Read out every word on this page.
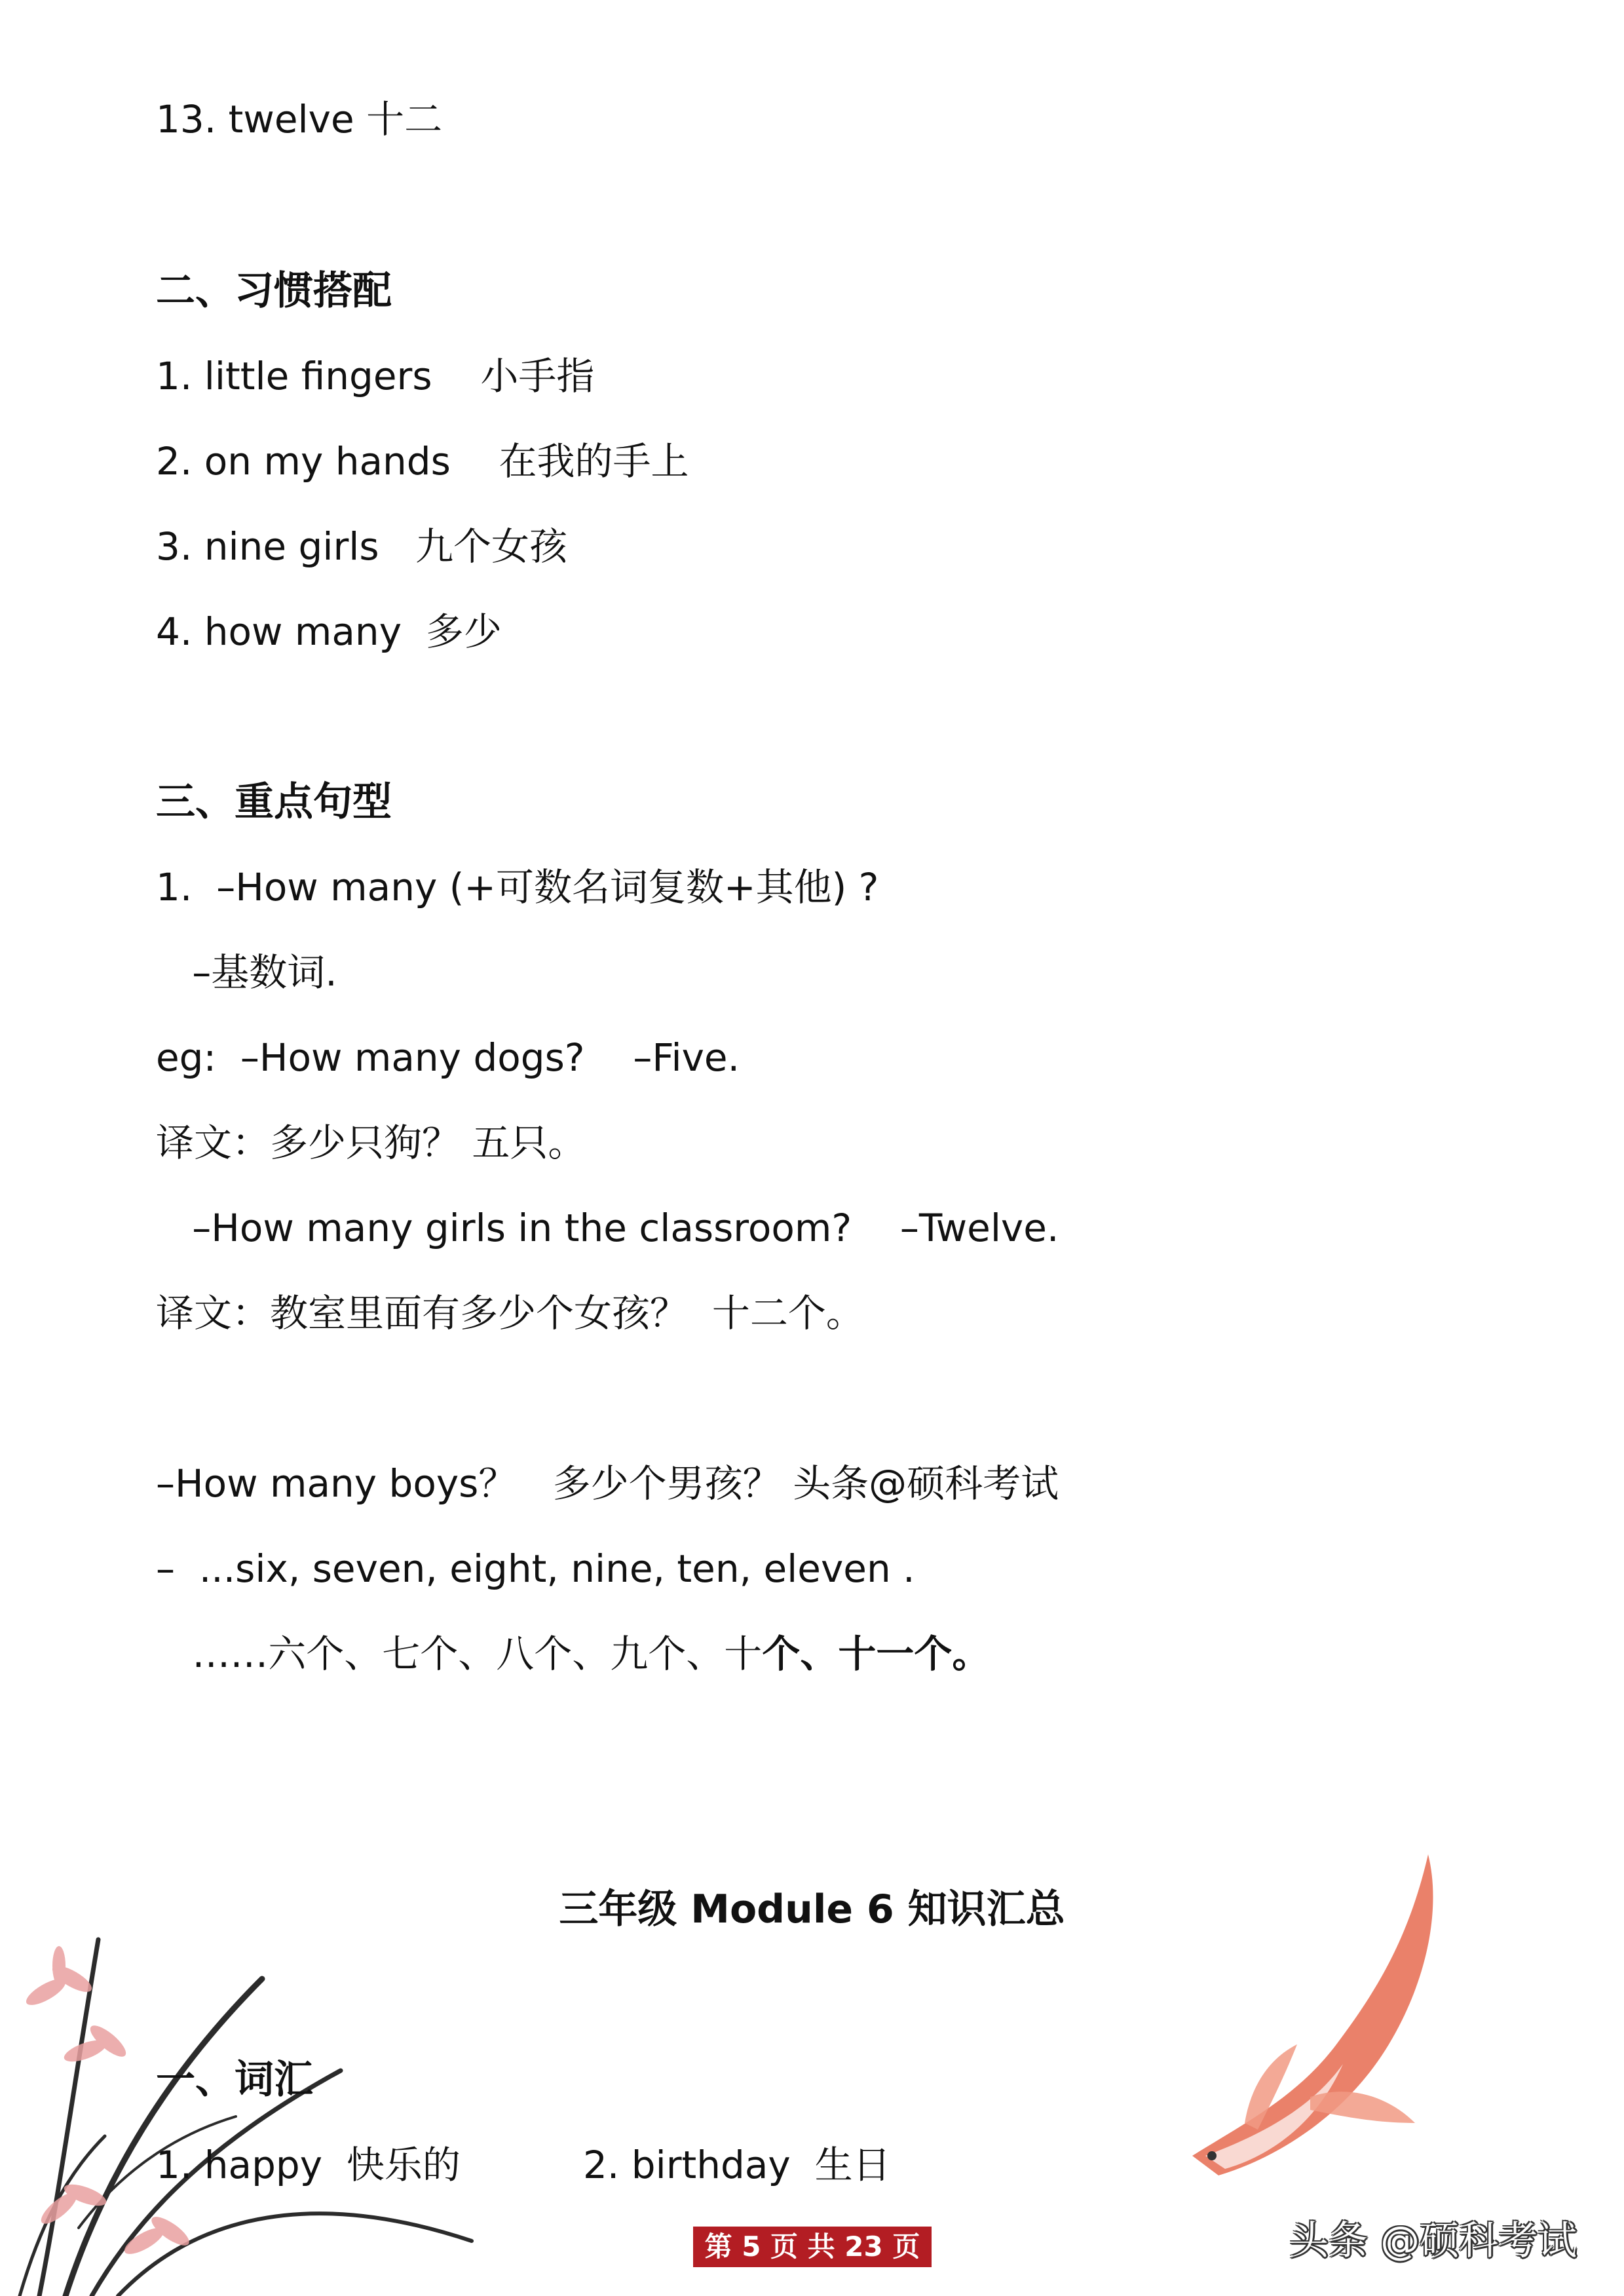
13. twelve 十二
二、习惯搭配
1. little fingers    小手指
2. on my hands    在我的手上
3. nine girls   九个女孩
4. how many  多少
三、重点句型
1.  –How many (+可数名词复数+其他) ?
–基数词.
eg:  –How many dogs?    –Five.
译文：多少只狗？ 五只。
–How many girls in the classroom?    –Twelve.
译文：教室里面有多少个女孩？  十二个。
–How many boys？   多少个男孩？ 头条@硕科考试
–  ...six, seven, eight, nine, ten, eleven .
……六个、七个、八个、九个、十个、十一个。
三年级 Module 6 知识汇总
一、词汇
1. happy  快乐的	2. birthday  生日
第 5 页 共 23 页	头条 @硕科考试
